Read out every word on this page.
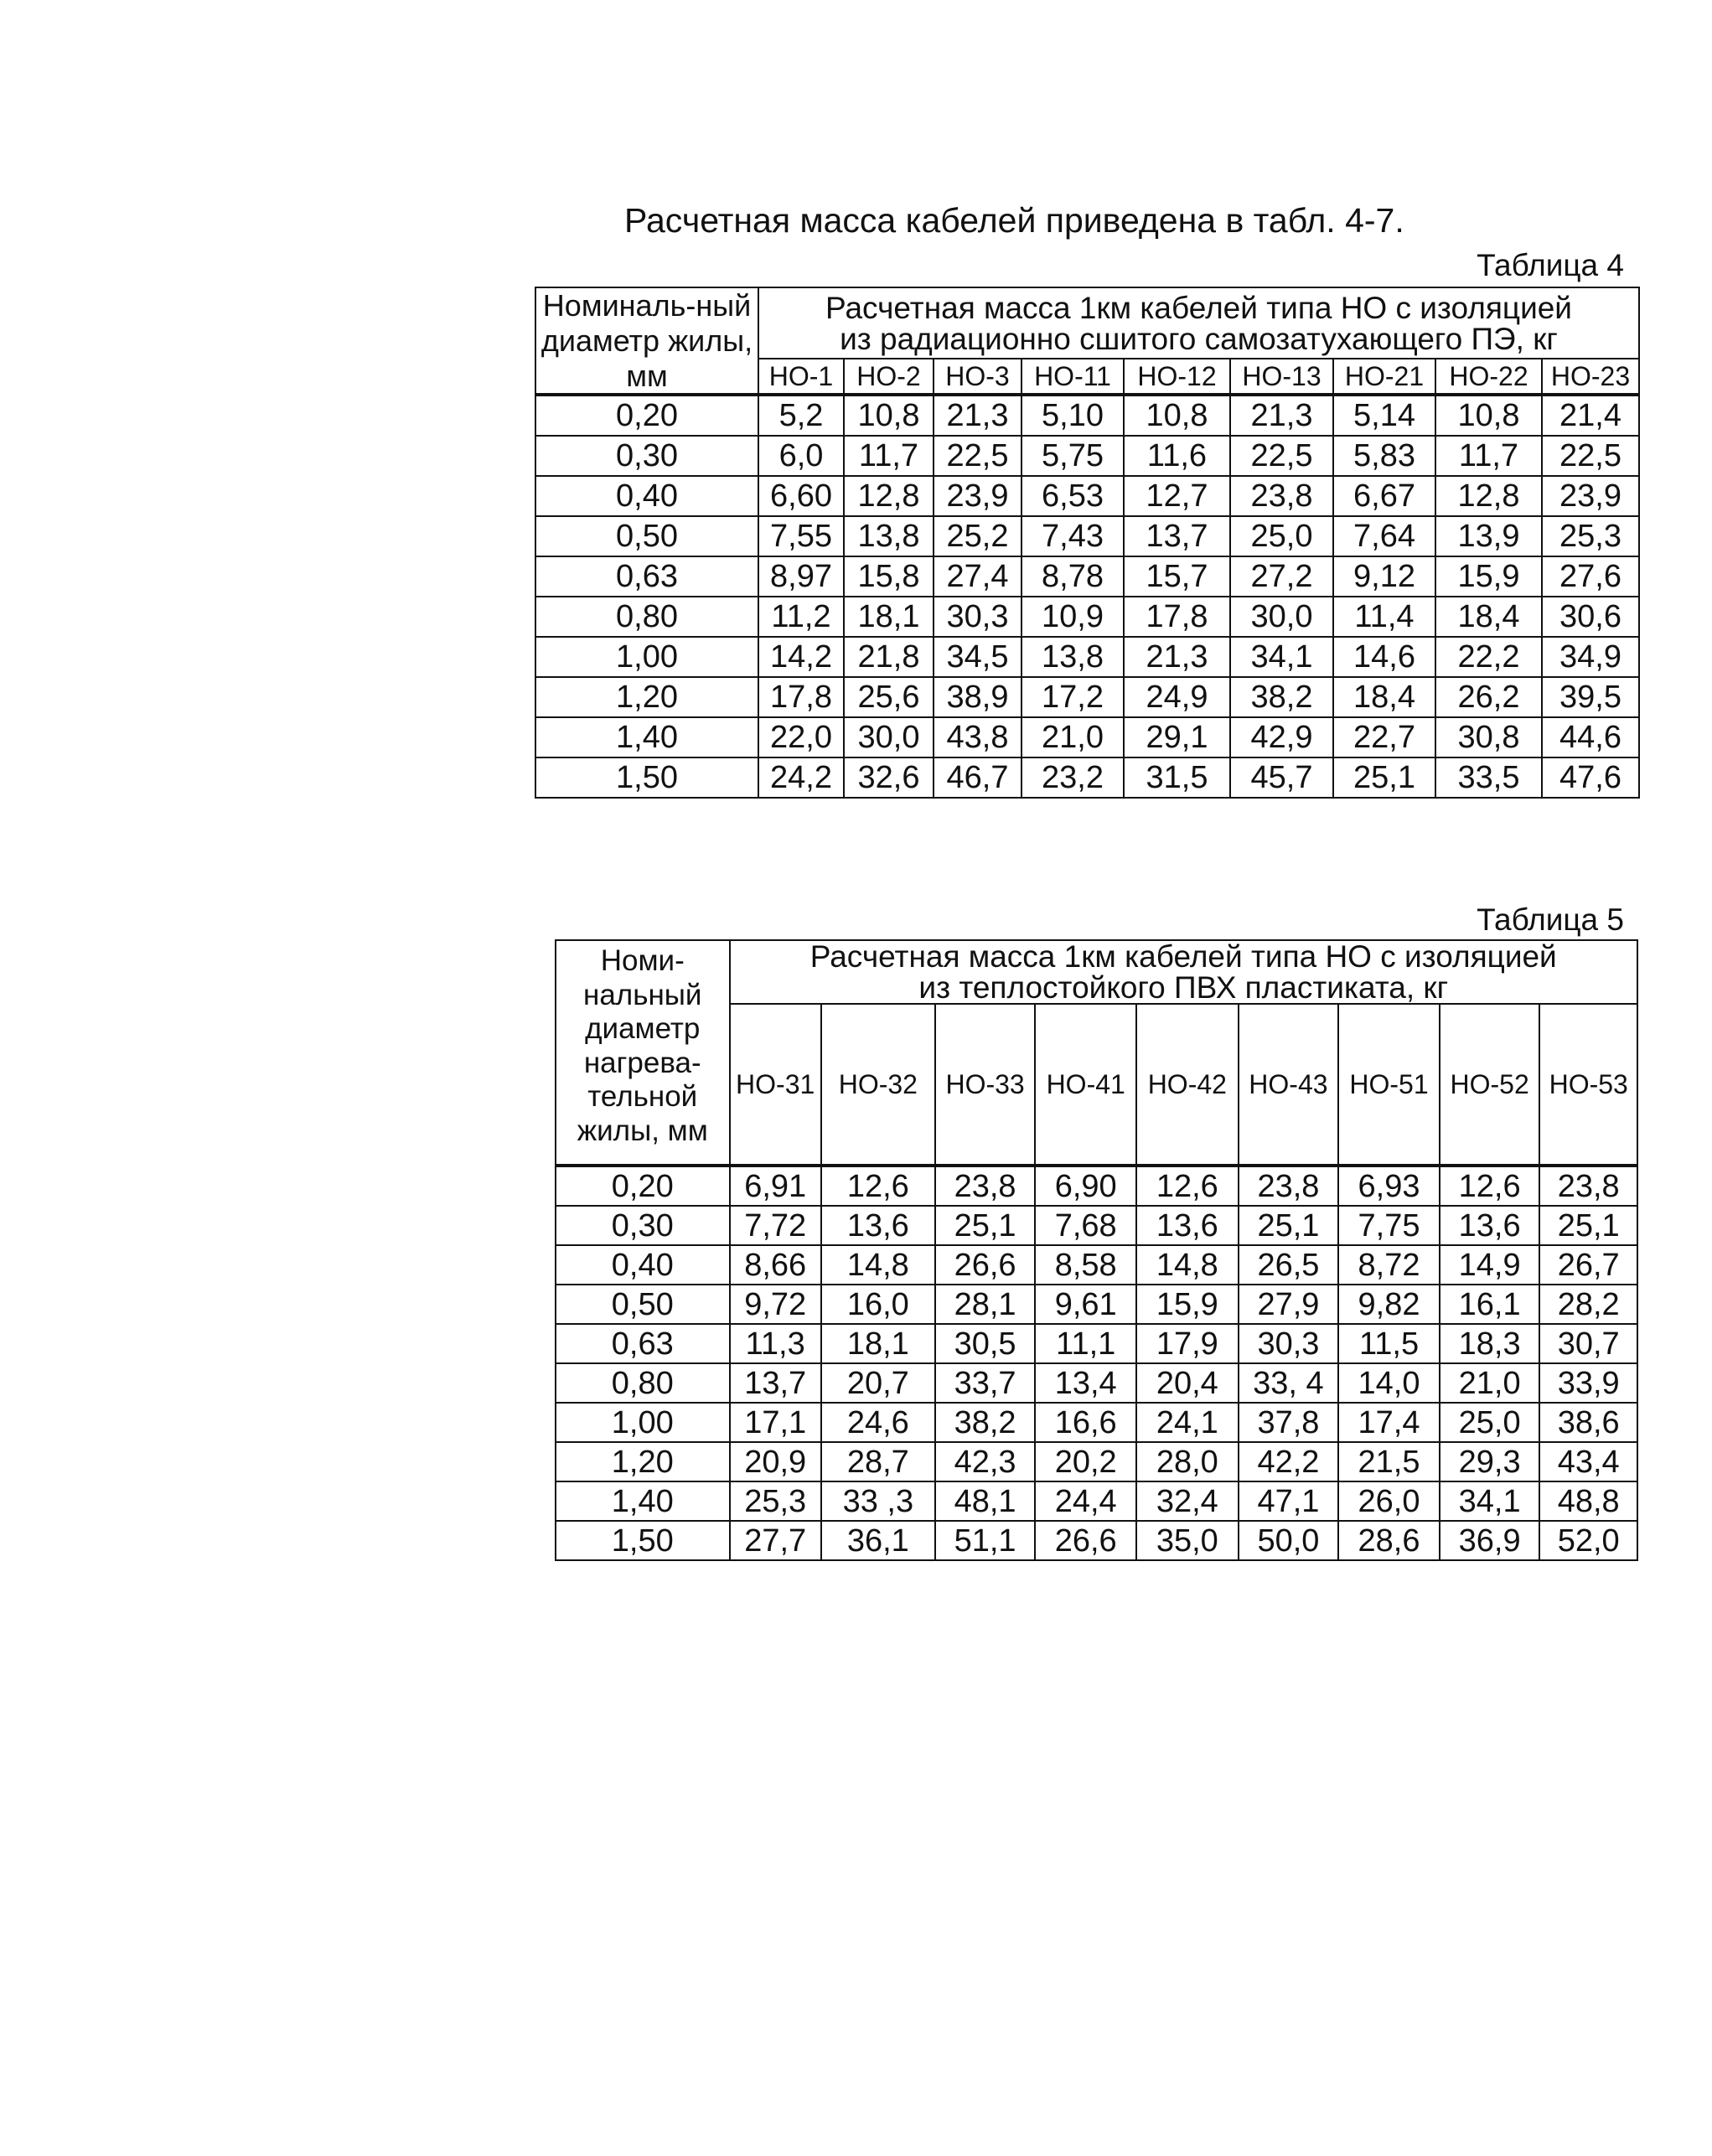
Расчетная масса кабелей приведена в табл. 4-7.
Таблица 4
Номиналь-ный диаметр жилы, мм	Расчетная масса 1км кабелей типа НО с изоляцией
из радиационно сшитого самозатухающего ПЭ, кг								

	НО-1	НО-2	НО-3	НО-11	НО-12	НО-13	НО-21	НО-22	НО-23
0,20	5,2	10,8	21,3	5,10	10,8	21,3	5,14	10,8	21,4
0,30	6,0	11,7	22,5	5,75	11,6	22,5	5,83	11,7	22,5
0,40	6,60	12,8	23,9	6,53	12,7	23,8	6,67	12,8	23,9
0,50	7,55	13,8	25,2	7,43	13,7	25,0	7,64	13,9	25,3
0,63	8,97	15,8	27,4	8,78	15,7	27,2	9,12	15,9	27,6
0,80	11,2	18,1	30,3	10,9	17,8	30,0	11,4	18,4	30,6
1,00	14,2	21,8	34,5	13,8	21,3	34,1	14,6	22,2	34,9
1,20	17,8	25,6	38,9	17,2	24,9	38,2	18,4	26,2	39,5
1,40	22,0	30,0	43,8	21,0	29,1	42,9	22,7	30,8	44,6
1,50	24,2	32,6	46,7	23,2	31,5	45,7	25,1	33,5	47,6
Таблица 5
Номи-нальный диаметр нагрева-тельной жилы, мм	Расчетная масса 1км кабелей типа НО с изоляцией
из теплостойкого ПВХ пластиката, кг								

	НО-31	НО-32	НО-33	НО-41	НО-42	НО-43	НО-51	НО-52	НО-53
0,20	6,91	12,6	23,8	6,90	12,6	23,8	6,93	12,6	23,8
0,30	7,72	13,6	25,1	7,68	13,6	25,1	7,75	13,6	25,1
0,40	8,66	14,8	26,6	8,58	14,8	26,5	8,72	14,9	26,7
0,50	9,72	16,0	28,1	9,61	15,9	27,9	9,82	16,1	28,2
0,63	11,3	18,1	30,5	11,1	17,9	30,3	11,5	18,3	30,7
0,80	13,7	20,7	33,7	13,4	20,4	33, 4	14,0	21,0	33,9
1,00	17,1	24,6	38,2	16,6	24,1	37,8	17,4	25,0	38,6
1,20	20,9	28,7	42,3	20,2	28,0	42,2	21,5	29,3	43,4
1,40	25,3	33 ,3	48,1	24,4	32,4	47,1	26,0	34,1	48,8
1,50	27,7	36,1	51,1	26,6	35,0	50,0	28,6	36,9	52,0
